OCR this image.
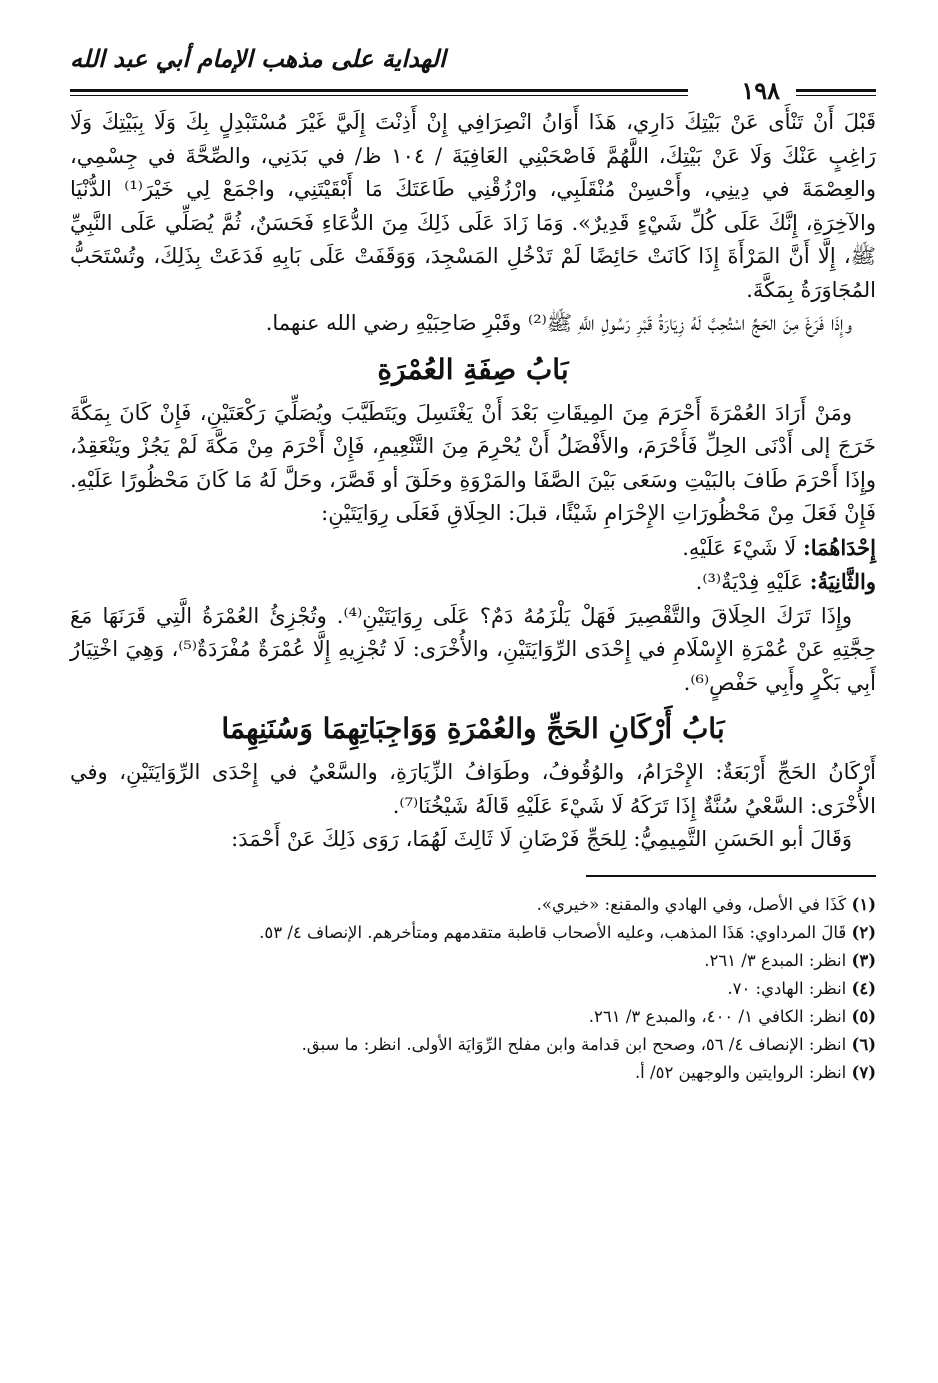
الهداية على مذهب الإمام أبي عبد الله
١٩٨

قَبْلَ أَنْ تَنْأَى عَنْ بَيْتِكَ دَارِي، هَذَا أَوَانُ انْصِرَافِي إِنْ أَذِنْتَ إِلَيَّ غَيْرَ مُسْتَبْدِلٍ بِكَ وَلَا بِبَيْتِكَ وَلَا رَاغِبٍ عَنْكَ وَلَا عَنْ بَيْتِكَ، اللَّهُمَّ فَاصْحَبْنِي العَافِيَةَ / ١٠٤ ظ/ في بَدَنِي، والصِّحَّةَ في جِسْمِي، والعِصْمَةَ في دِينِي، وأَحْسِنْ مُنْقَلَبِي، وارْزُقْنِي طَاعَتَكَ مَا أَبْقَيْتَنِي، واجْمَعْ لِي خَيْرَ⁽¹⁾ الدُّنْيَا والآخِرَةِ، إِنَّكَ عَلَى كُلِّ شَيْءٍ قَدِيرٌ». وَمَا زَادَ عَلَى ذَلِكَ مِنَ الدُّعَاءِ فَحَسَنٌ، ثُمَّ يُصَلِّي عَلَى النَّبِيِّ ﷺ، إِلَّا أَنَّ المَرْأَةَ إِذَا كَانَتْ حَائِضًا لَمْ تَدْخُلِ المَسْجِدَ، وَوَقَفَتْ عَلَى بَابِهِ فَدَعَتْ بِذَلِكَ، وتُسْتَحَبُّ المُجَاوَرَةُ بِمَكَّةَ.

وإِذَا فَرَغَ مِنَ الحَجِّ اسْتُحِبَّ لَهُ زِيَارَةُ قَبْرِ رَسُولِ اللَّهِ ﷺ⁽²⁾ وقَبْرِ صَاحِبَيْهِ رضي الله عنهما.

بَابُ صِفَةِ العُمْرَةِ

ومَنْ أَرَادَ العُمْرَةَ أَحْرَمَ مِنَ المِيقَاتِ بَعْدَ أَنْ يَغْتَسِلَ ويَتَطَيَّبَ ويُصَلِّيَ رَكْعَتَيْنِ، فَإِنْ كَانَ بِمَكَّةَ خَرَجَ إلى أَدْنَى الحِلِّ فَأَحْرَمَ، والأَفْضَلُ أَنْ يُحْرِمَ مِنَ التَّنْعِيمِ، فَإِنْ أَحْرَمَ مِنْ مَكَّةَ لَمْ يَجُزْ ويَنْعَقِدُ، وإِذَا أَحْرَمَ طَافَ بالبَيْتِ وسَعَى بَيْنَ الصَّفَا والمَرْوَةِ وحَلَقَ أو قَصَّرَ، وحَلَّ لَهُ مَا كَانَ مَحْظُورًا عَلَيْهِ. فَإِنْ فَعَلَ مِنْ مَحْظُورَاتِ الإِحْرَامِ شَيْئًا، قبلَ: الحِلَاقِ فَعَلَى رِوَايَتَيْنِ:

إِحْدَاهُمَا: لَا شَيْءَ عَلَيْهِ.

والثَّانِيَةُ: عَلَيْهِ فِدْيَةٌ⁽³⁾.

وإِذَا تَرَكَ الحِلَاقَ والتَّقْصِيرَ فَهَلْ يَلْزَمُهُ دَمٌ؟ عَلَى رِوَايَتَيْنِ⁽⁴⁾. وتُجْزِئُ العُمْرَةُ الَّتِي قَرَنَهَا مَعَ حِجَّتِهِ عَنْ عُمْرَةِ الإِسْلَامِ في إِحْدَى الرِّوَايَتَيْنِ، والأُخْرَى: لَا تُجْزِيهِ إِلَّا عُمْرَةٌ مُفْرَدَةٌ⁽⁵⁾، وَهِيَ اخْتِيَارُ أَبِي بَكْرٍ وأَبِي حَفْصٍ⁽⁶⁾.

بَابُ أَرْكَانِ الحَجِّ والعُمْرَةِ وَوَاجِبَاتِهِمَا وَسُنَنِهِمَا

أَرْكَانُ الحَجِّ أَرْبَعَةٌ: الإِحْرَامُ، والوُقُوفُ، وطَوَافُ الزِّيَارَةِ، والسَّعْيُ في إِحْدَى الرِّوَايَتَيْنِ، وفي الأُخْرَى: السَّعْيُ سُنَّةٌ إِذَا تَرَكَهُ لَا شَيْءَ عَلَيْهِ قَالَهُ شَيْخُنَا⁽⁷⁾.

وَقَالَ أبو الحَسَنِ التَّمِيمِيُّ: لِلحَجِّ فَرْضَانِ لَا ثَالِثَ لَهُمَا، رَوَى ذَلِكَ عَنْ أَحْمَدَ:

(١) كَذَا في الأصل، وفي الهادي والمقنع: «خيري».

(٢) قَالَ المرداوي: هَذَا المذهب، وعليه الأصحاب قاطبة متقدمهم ومتأخرهم. الإنصاف ٤/ ٥٣.

(٣) انظر: المبدع ٣/ ٢٦١.

(٤) انظر: الهادي: ٧٠.

(٥) انظر: الكافي ١/ ٤٠٠، والمبدع ٣/ ٢٦١.

(٦) انظر: الإنصاف ٤/ ٥٦، وصحح ابن قدامة وابن مفلح الرِّوَايَة الأولى. انظر: ما سبق.

(٧) انظر: الروايتين والوجهين ٥٢/ أ.
